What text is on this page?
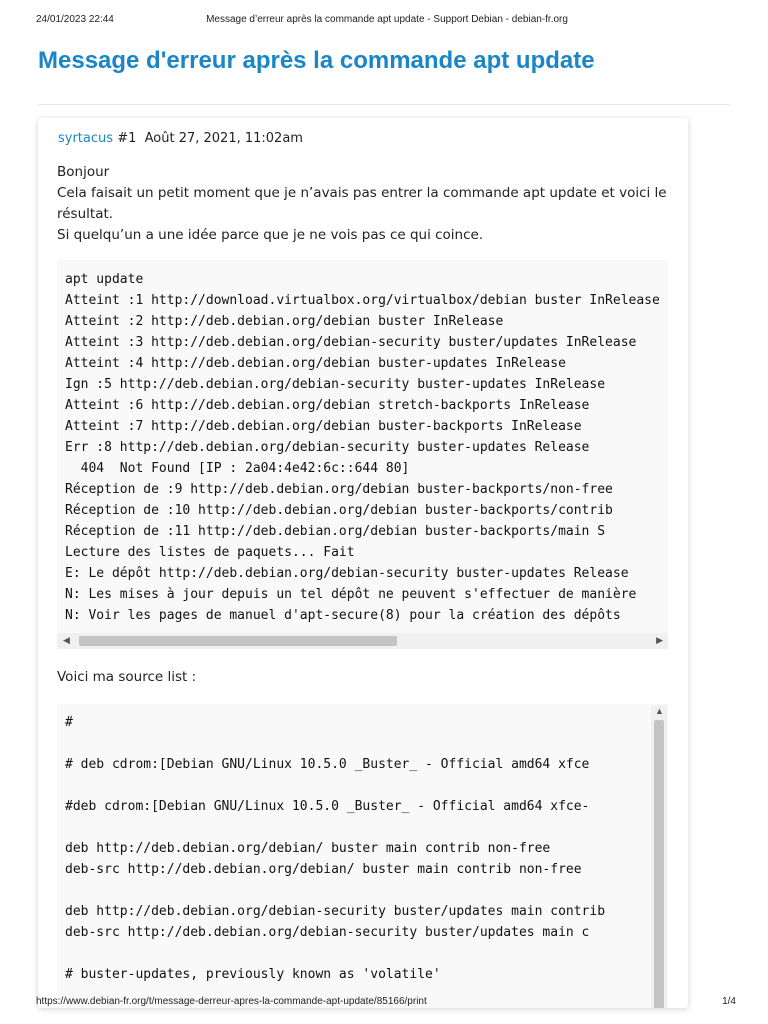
24/01/2023 22:44	Message d’erreur après la commande apt update - Support Debian - debian-fr.org
Message d'erreur après la commande apt update
syrtacus #1 Août 27, 2021, 11:02am
Bonjour
Cela faisait un petit moment que je n’avais pas entrer la commande apt update et voici le
résultat.
Si quelqu’un a une idée parce que je ne vois pas ce qui coince.
apt update
Atteint :1 http://download.virtualbox.org/virtualbox/debian buster InRelease
Atteint :2 http://deb.debian.org/debian buster InRelease
Atteint :3 http://deb.debian.org/debian-security buster/updates InRelease
Atteint :4 http://deb.debian.org/debian buster-updates InRelease
Ign :5 http://deb.debian.org/debian-security buster-updates InRelease
Atteint :6 http://deb.debian.org/debian stretch-backports InRelease
Atteint :7 http://deb.debian.org/debian buster-backports InRelease
Err :8 http://deb.debian.org/debian-security buster-updates Release
404  Not Found [IP : 2a04:4e42:6c::644 80]
Réception de :9 http://deb.debian.org/debian buster-backports/non-free
Réception de :10 http://deb.debian.org/debian buster-backports/contrib
Réception de :11 http://deb.debian.org/debian buster-backports/main S
Lecture des listes de paquets... Fait
E: Le dépôt http://deb.debian.org/debian-security buster-updates Release
N: Les mises à jour depuis un tel dépôt ne peuvent s'effectuer de manière
N: Voir les pages de manuel d'apt-secure(8) pour la création des dépôts
◀	▶
Voici ma source list :
#
# deb cdrom:[Debian GNU/Linux 10.5.0 _Buster_ - Official amd64 xfce
#deb cdrom:[Debian GNU/Linux 10.5.0 _Buster_ - Official amd64 xfce-
deb http://deb.debian.org/debian/ buster main contrib non-free
deb-src http://deb.debian.org/debian/ buster main contrib non-free
deb http://deb.debian.org/debian-security buster/updates main contrib
deb-src http://deb.debian.org/debian-security buster/updates main c
# buster-updates, previously known as 'volatile'
▲
https://www.debian-fr.org/t/message-derreur-apres-la-commande-apt-update/85166/print	1/4
